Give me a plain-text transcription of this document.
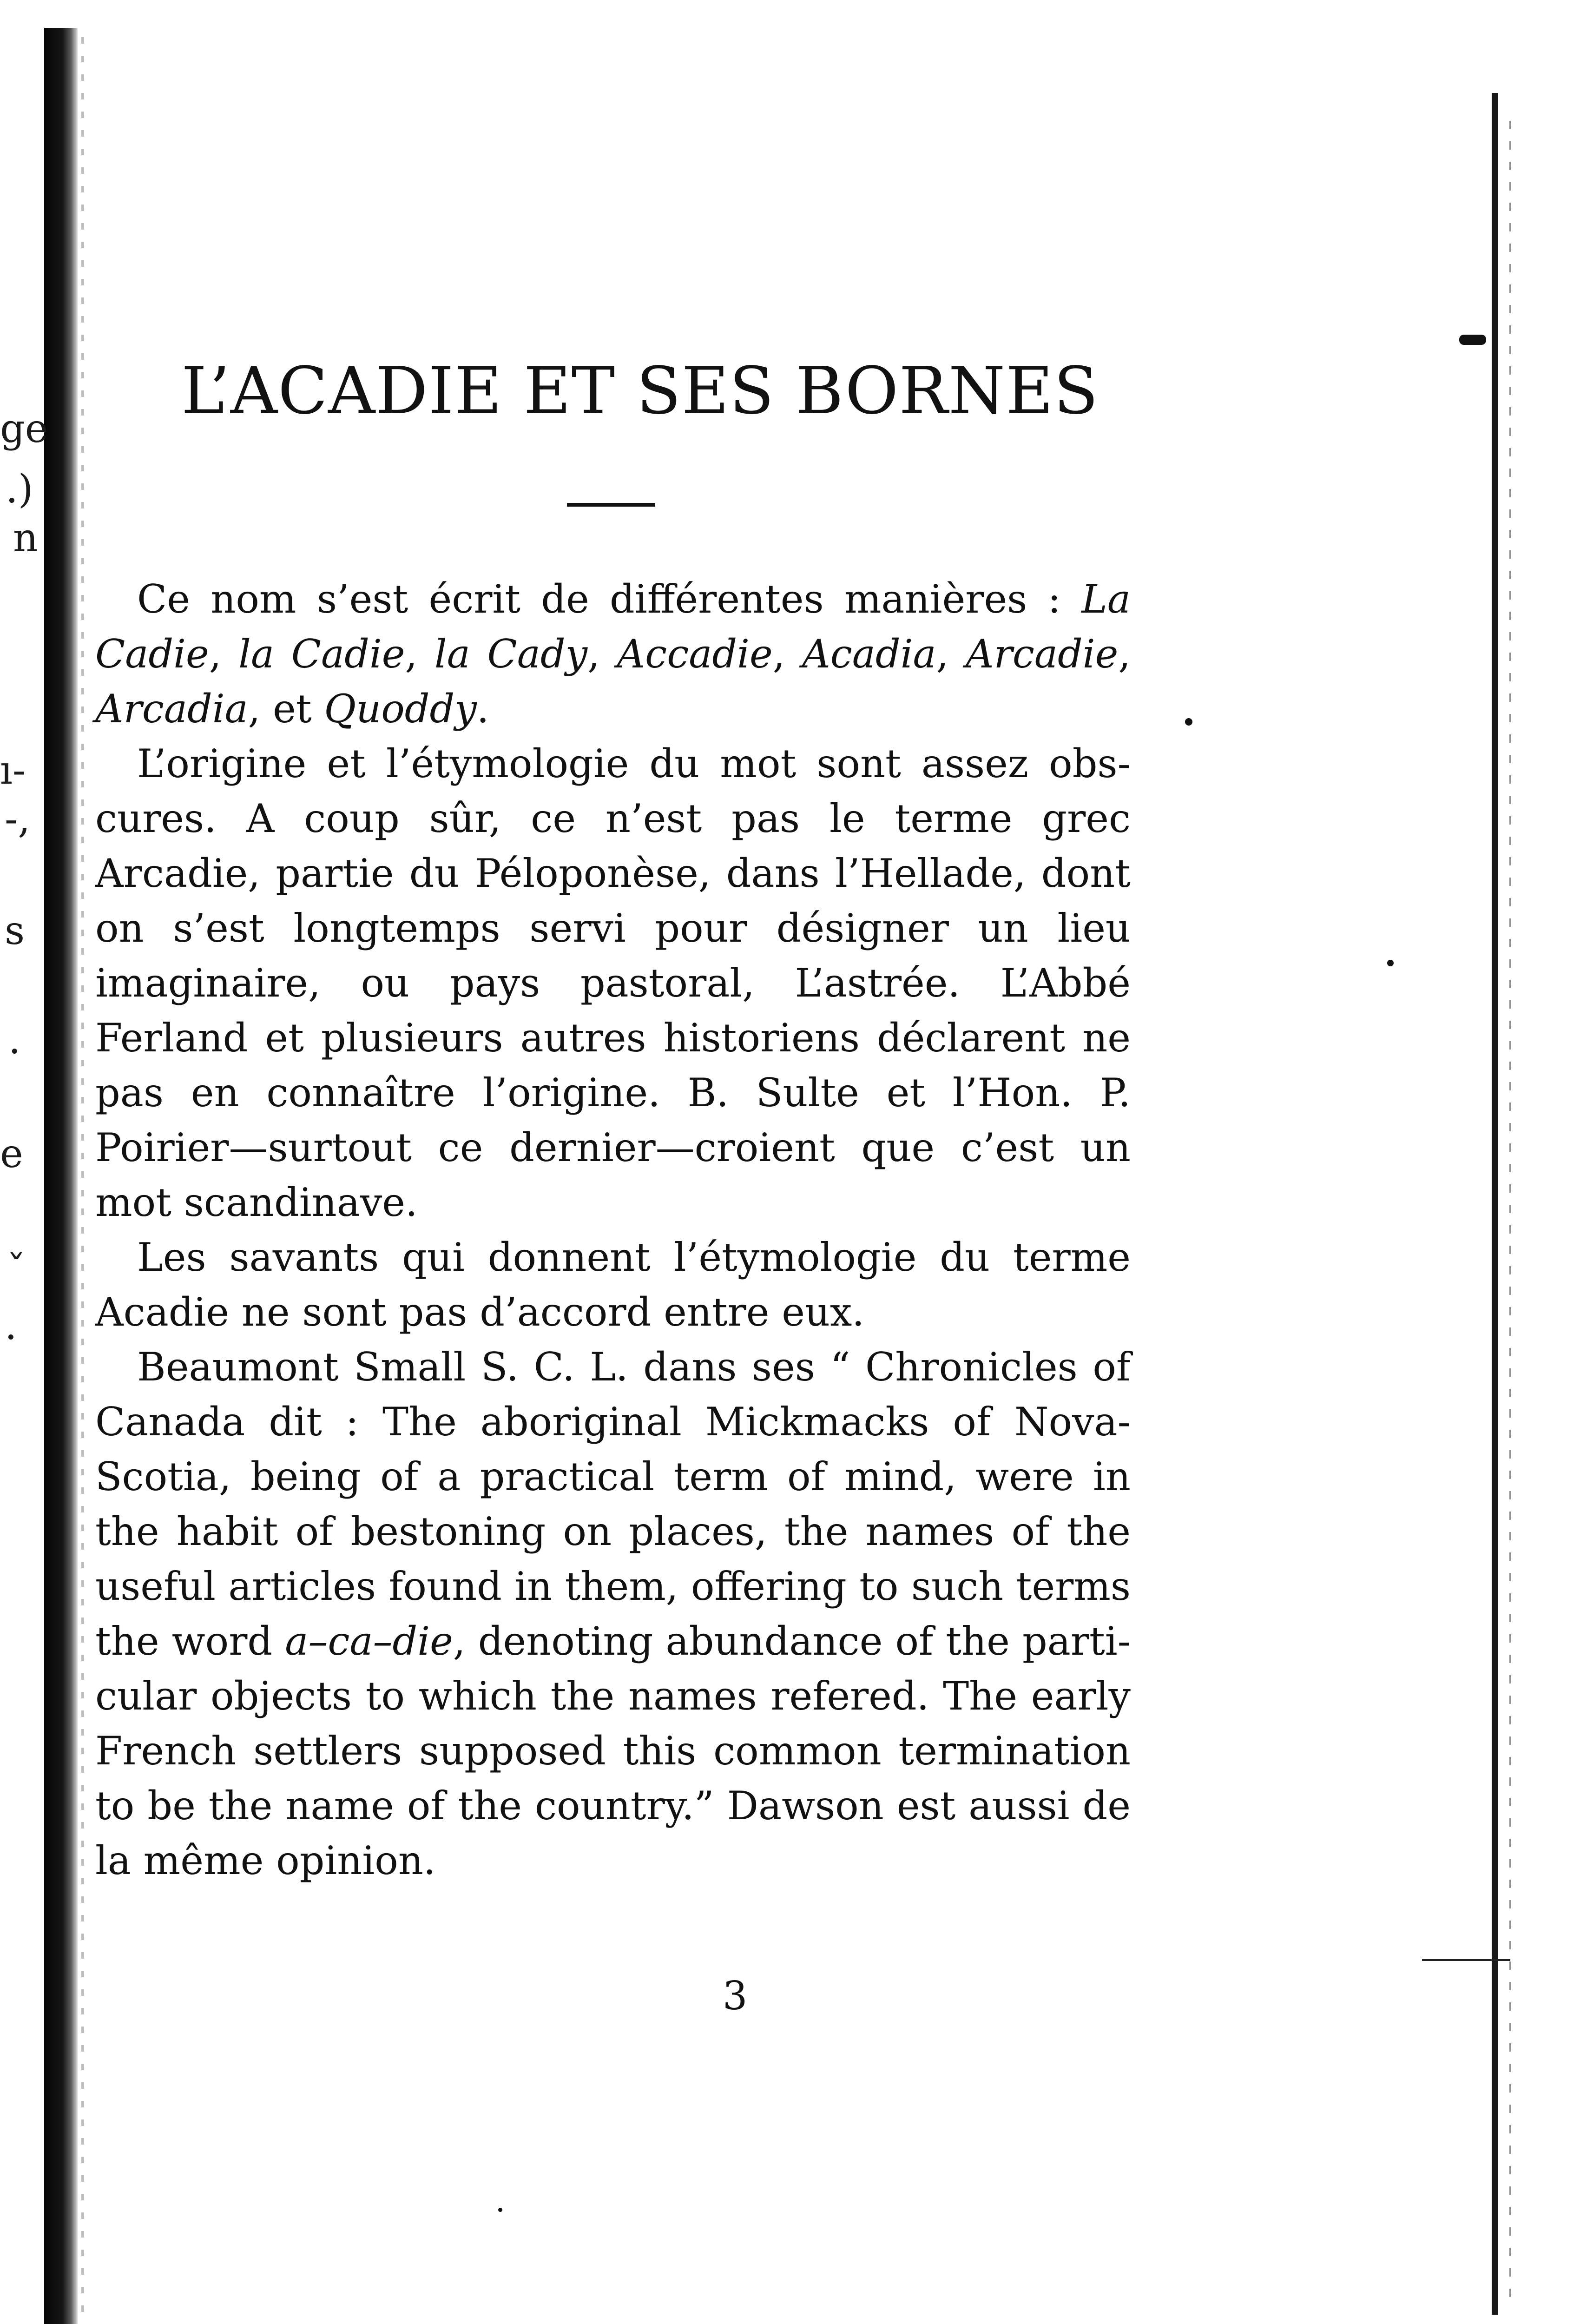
ge
.)
n
ı-
-,
s
·
e
ˇ
.
L’ACADIE ET SES BORNES

Ce nom s’est écrit de différentes manières : La Cadie, la Cadie, la Cady, Accadie, Acadia, Arcadie, Arcadia, et Quoddy.

L’origine et l’étymologie du mot sont assez obscures. A coup sûr, ce n’est pas le terme grec Arcadie, partie du Péloponèse, dans l’Hellade, dont on s’est longtemps servi pour désigner un lieu imaginaire, ou pays pastoral, L’astrée. L’Abbé Ferland et plusieurs autres historiens déclarent ne pas en connaître l’origine. B. Sulte et l’Hon. P. Poirier—surtout ce dernier—croient que c’est un mot scandinave.

Les savants qui donnent l’étymologie du terme Acadie ne sont pas d’accord entre eux.

Beaumont Small S. C. L. dans ses “ Chronicles of Canada dit : The aboriginal Mickmacks of Nova-Scotia, being of a practical term of mind, were in the habit of bestoning on places, the names of the useful articles found in them, offering to such terms the word a–ca–die, denoting abundance of the particular objects to which the names refered. The early French settlers supposed this common termination to be the name of the country.” Dawson est aussi de la même opinion.

3
